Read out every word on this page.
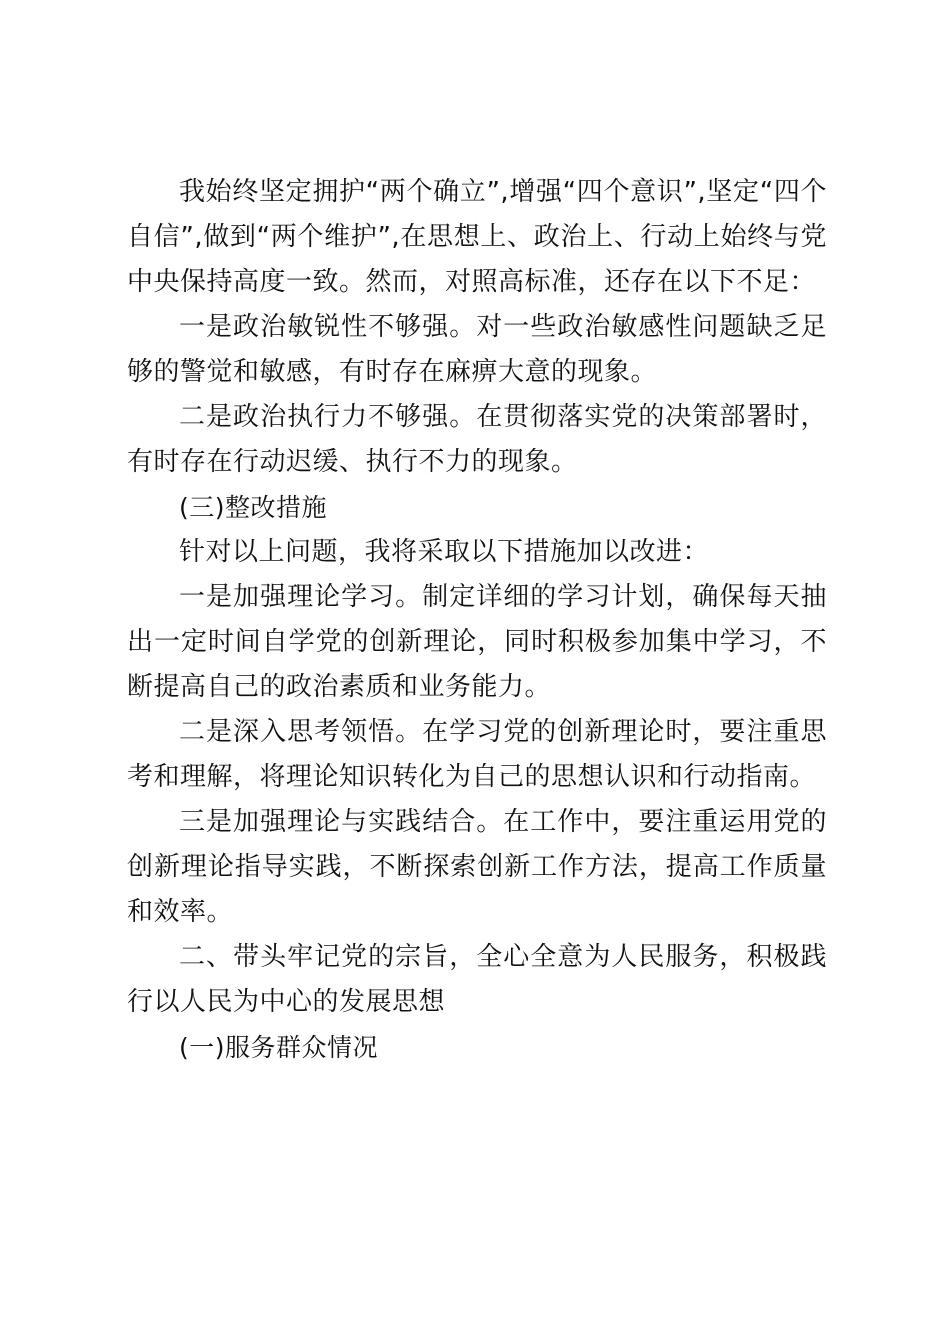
我始终坚定拥护“两个确立”,增强“四个意识”,坚定“四个自信”,做到“两个维护”,在思想上、政治上、行动上始终与党中央保持高度一致。然而，对照高标准，还存在以下不足：

一是政治敏锐性不够强。对一些政治敏感性问题缺乏足够的警觉和敏感，有时存在麻痹大意的现象。

二是政治执行力不够强。在贯彻落实党的决策部署时，有时存在行动迟缓、执行不力的现象。

(三)整改措施

针对以上问题，我将采取以下措施加以改进：

一是加强理论学习。制定详细的学习计划，确保每天抽出一定时间自学党的创新理论，同时积极参加集中学习，不断提高自己的政治素质和业务能力。

二是深入思考领悟。在学习党的创新理论时，要注重思考和理解，将理论知识转化为自己的思想认识和行动指南。

三是加强理论与实践结合。在工作中，要注重运用党的创新理论指导实践，不断探索创新工作方法，提高工作质量和效率。

二、带头牢记党的宗旨，全心全意为人民服务，积极践行以人民为中心的发展思想

(一)服务群众情况
